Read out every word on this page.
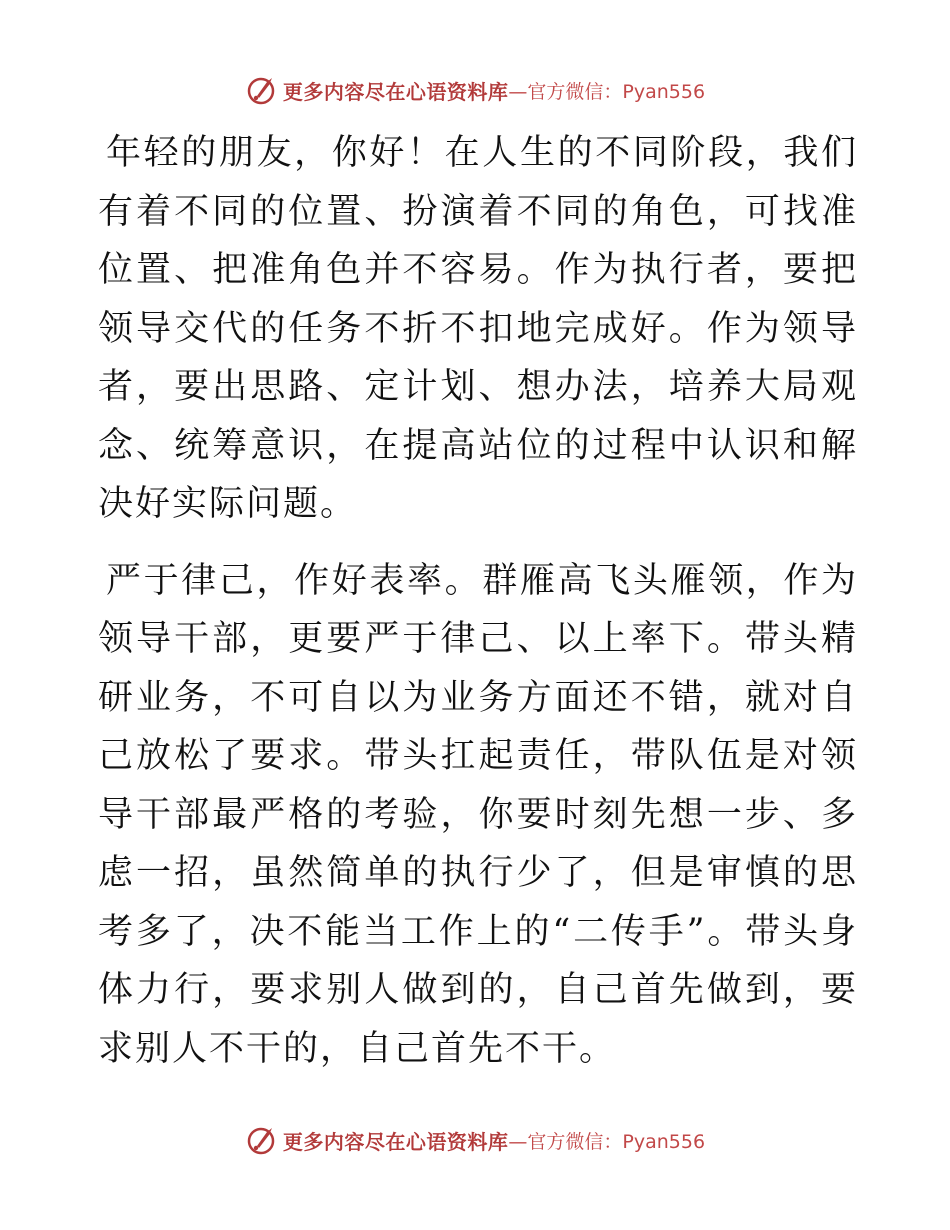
更多内容尽在心语资料库 —官方微信：Pyan556

年轻的朋友，你好！在人生的不同阶段，我们有着不同的位置、扮演着不同的角色，可找准位置、把准角色并不容易。作为执行者，要把领导交代的任务不折不扣地完成好。作为领导者，要出思路、定计划、想办法，培养大局观念、统筹意识，在提高站位的过程中认识和解决好实际问题。

严于律己，作好表率。群雁高飞头雁领，作为领导干部，更要严于律己、以上率下。带头精研业务，不可自以为业务方面还不错，就对自己放松了要求。带头扛起责任，带队伍是对领导干部最严格的考验，你要时刻先想一步、多虑一招，虽然简单的执行少了，但是审慎的思考多了，决不能当工作上的“二传手”。带头身体力行，要求别人做到的，自己首先做到，要求别人不干的，自己首先不干。

更多内容尽在心语资料库 —官方微信：Pyan556
